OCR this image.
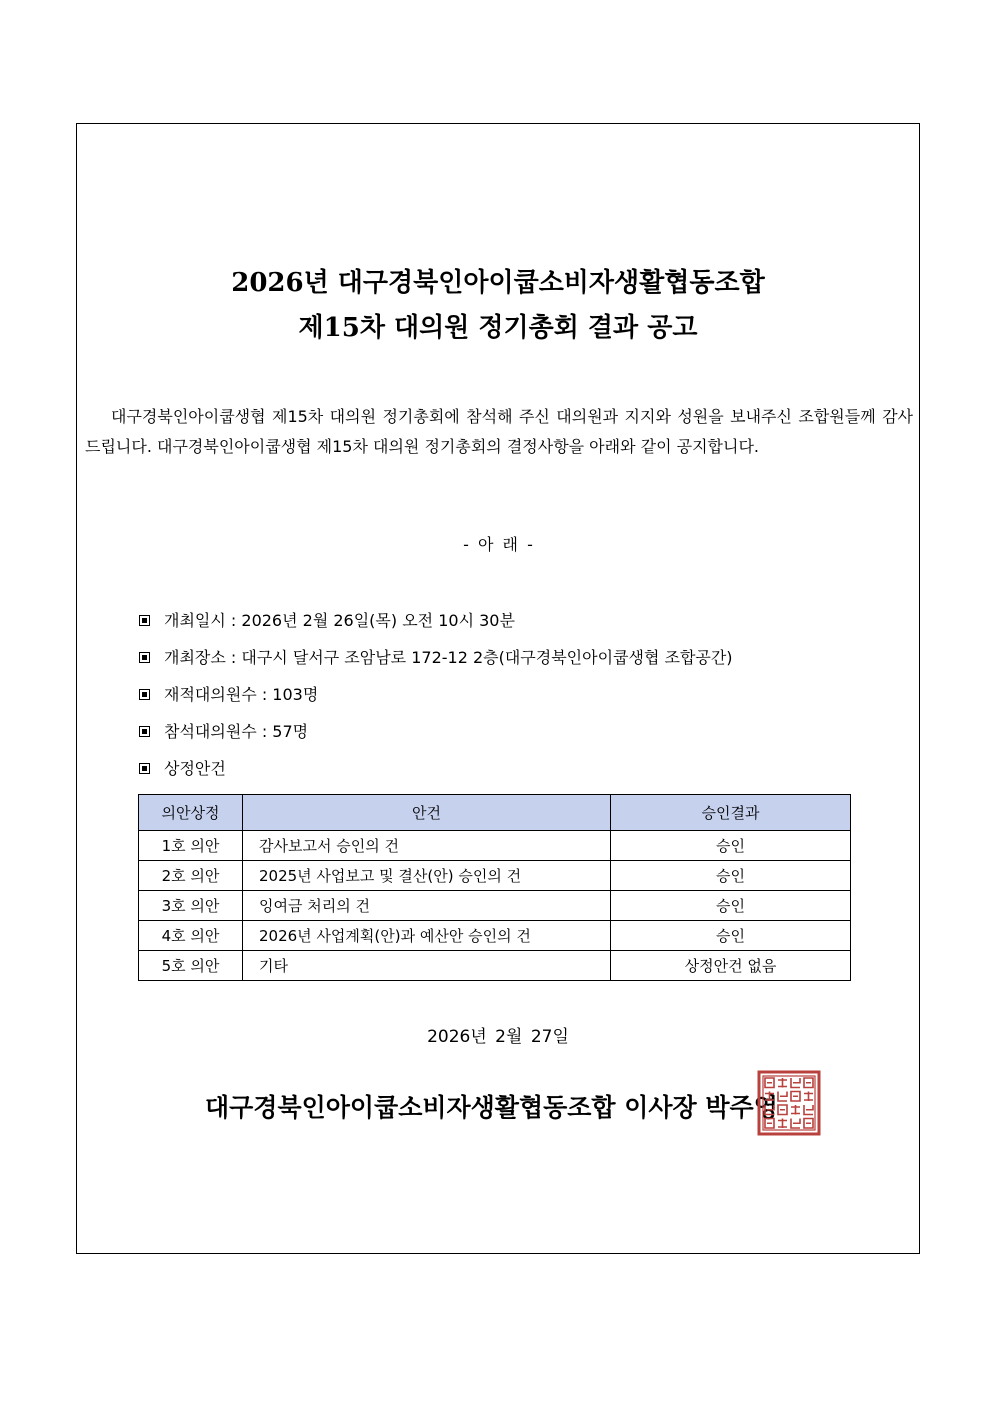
2026년 대구경북인아이쿱소비자생활협동조합
제15차 대의원 정기총회 결과 공고
대구경북인아이쿱생협 제15차 대의원 정기총회에 참석해 주신 대의원과 지지와 성원을 보내주신 조합원들께 감사드립니다. 대구경북인아이쿱생협 제15차 대의원 정기총회의 결정사항을 아래와 같이 공지합니다.
- 아 래 -
개최일시 : 2026년 2월 26일(목) 오전 10시 30분
개최장소 : 대구시 달서구 조암남로 172-12 2층(대구경북인아이쿱생협 조합공간)
재적대의원수 : 103명
참석대의원수 : 57명
상정안건
의안상정	안건	승인결과
1호 의안	감사보고서 승인의 건	승인
2호 의안	2025년 사업보고 및 결산(안) 승인의 건	승인
3호 의안	잉여금 처리의 건	승인
4호 의안	2026년 사업계획(안)과 예산안 승인의 건	승인
5호 의안	기타	상정안건 없음
2026년 2월 27일
대구경북인아이쿱소비자생활협동조합 이사장 박주영
